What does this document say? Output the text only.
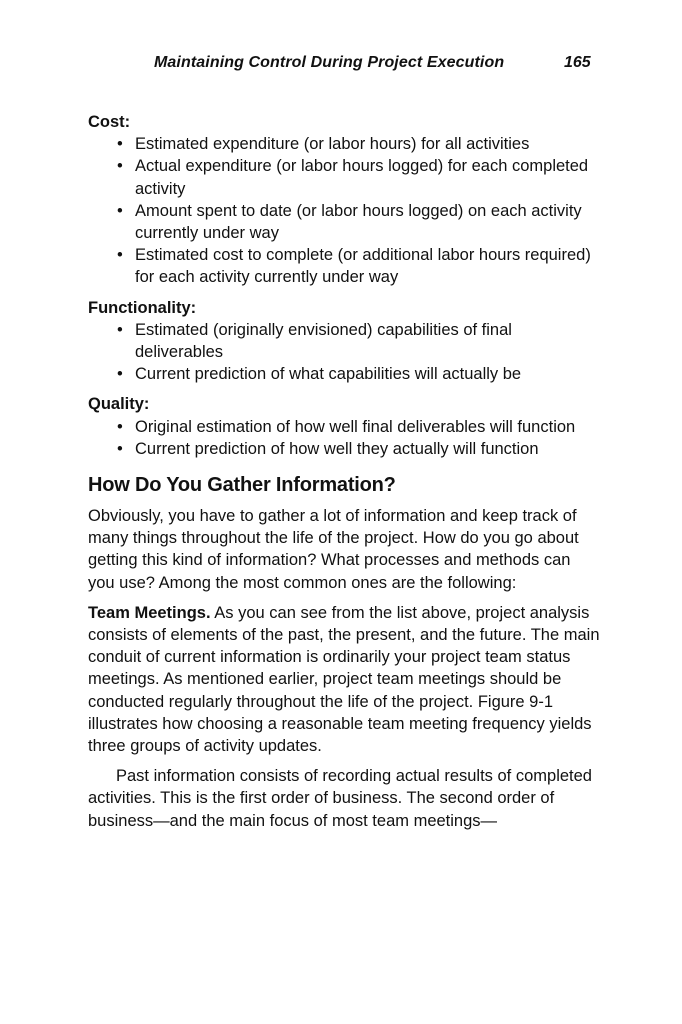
Maintaining Control During Project Execution	165

Cost:

• Estimated expenditure (or labor hours) for all activities
• Actual expenditure (or labor hours logged) for each completed activity
• Amount spent to date (or labor hours logged) on each activity currently under way
• Estimated cost to complete (or additional labor hours required) for each activity currently under way

Functionality:

• Estimated (originally envisioned) capabilities of final deliverables
• Current prediction of what capabilities will actually be

Quality:

• Original estimation of how well final deliverables will function
• Current prediction of how well they actually will function
How Do You Gather Information?

Obviously, you have to gather a lot of information and keep track of many things throughout the life of the project. How do you go about getting this kind of information? What processes and methods can you use? Among the most common ones are the following:

Team Meetings. As you can see from the list above, project analysis consists of elements of the past, the present, and the future. The main conduit of current information is ordinarily your project team status meetings. As mentioned earlier, project team meetings should be conducted regularly throughout the life of the project. Figure 9-1 illustrates how choosing a reasonable team meeting frequency yields three groups of activity updates.

Past information consists of recording actual results of completed activities. This is the first order of business. The second order of business—and the main focus of most team meetings—
